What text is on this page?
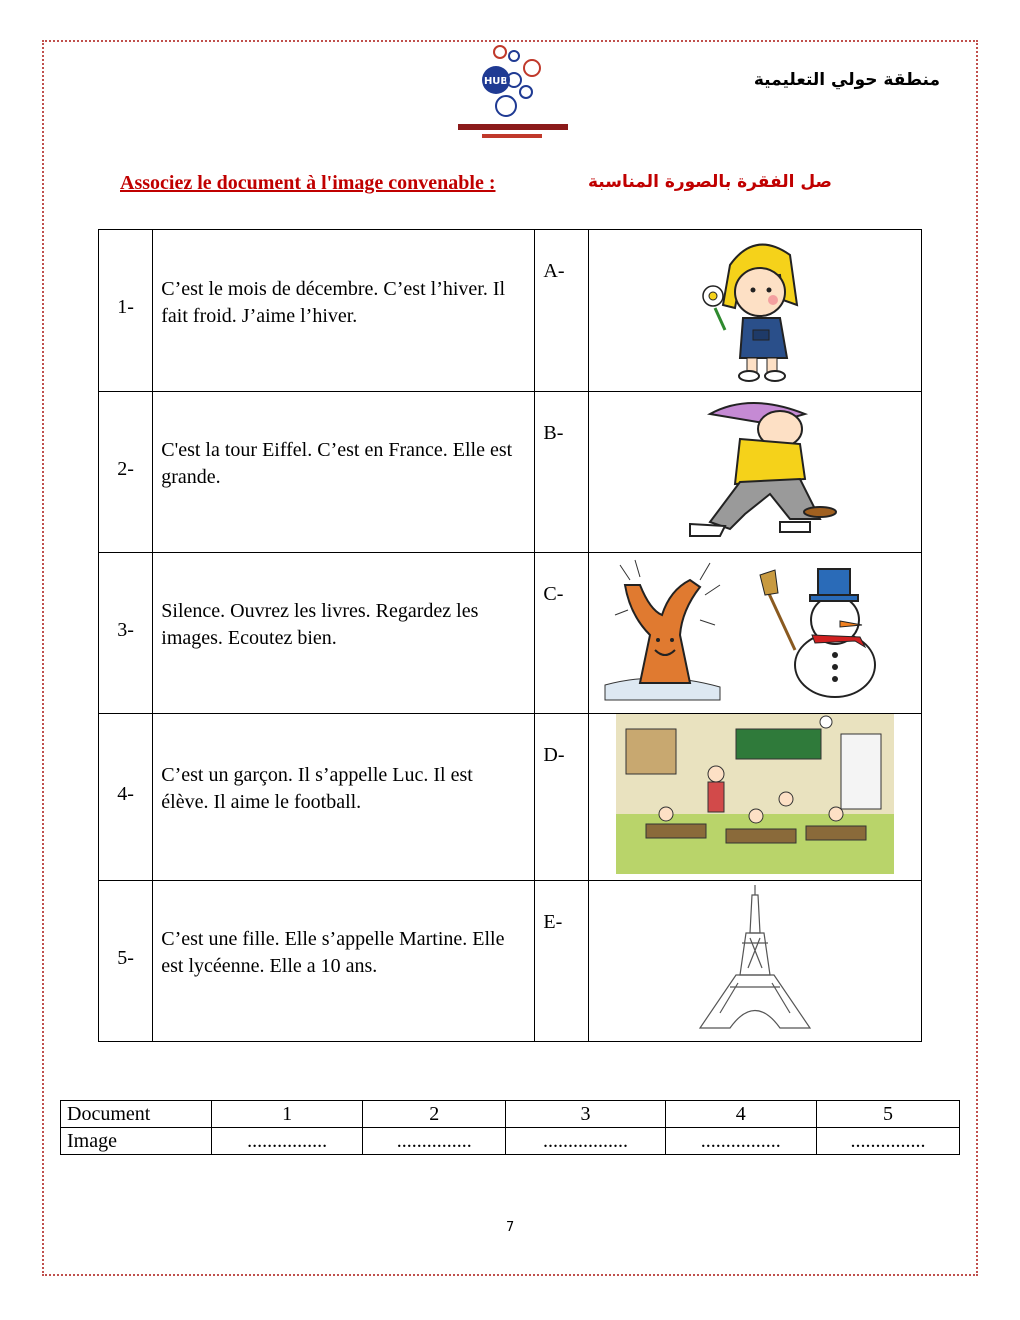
HUB	منطقة حولي التعليمية
Associez le document à l'image convenable :	صل الفقرة بالصورة المناسبة
1-	C’est le mois de décembre. C’est l’hiver. Il fait froid. J’aime l’hiver.	A-	
2-	C'est la tour Eiffel. C’est en France. Elle est grande.	B-	
3-	Silence. Ouvrez les livres. Regardez les images. Ecoutez bien.	C-	
4-	C’est un garçon. Il s’appelle Luc. Il est élève. Il aime le football.	D-	
5-	C’est une fille. Elle s’appelle Martine. Elle est lycéenne. Elle a 10 ans.	E-	
Document	1	2	3	4	5
Image	................	...............	.................	................	...............
7
